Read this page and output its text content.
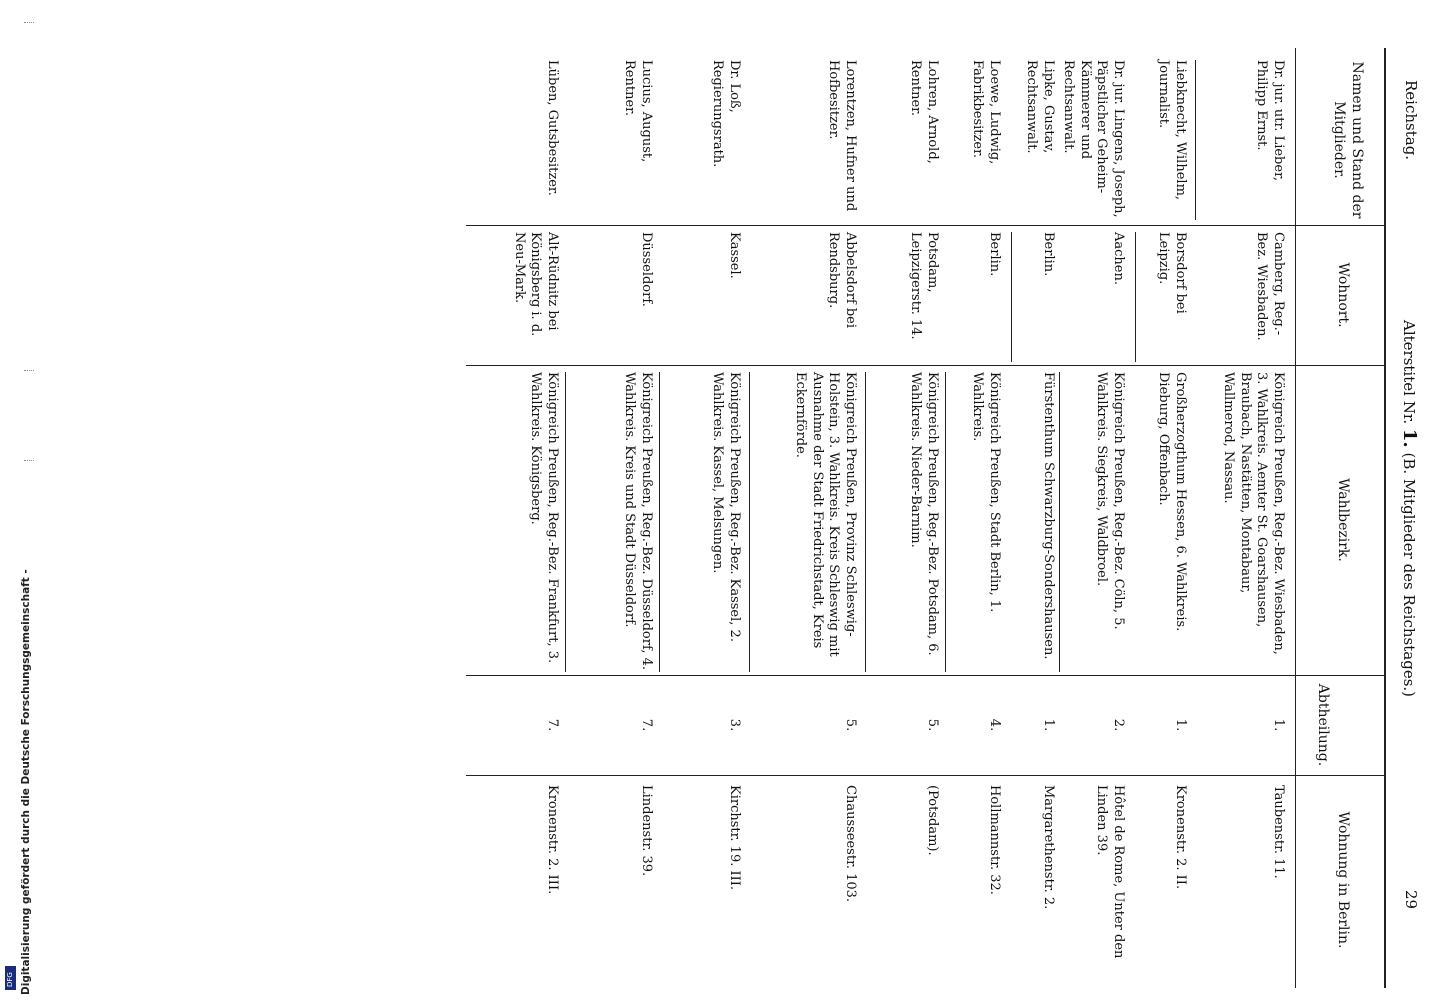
Reichstag.
Alterstitel Nr. 1. (B. Mitglieder des Reichstages.)
29
Namen und Stand der Mitglieder.
Wohnort.
Wahlbezirk.
Abtheilung.
Wohnung in Berlin.
Dr. jur. utr. Lieber, Philipp Ernst.
Camberg, Reg.-Bez. Wiesbaden.
Königreich Preußen, Reg.-Bez. Wiesbaden, 3. Wahlkreis. Aemter St. Goarshausen, Braubach, Nastätten, Montabaur, Wallmerod, Nassau.
1.
Taubenstr. 11.
Liebknecht, Wilhelm, Journalist.
Borsdorf bei Leipzig.
Großherzogthum Hessen, 6. Wahlkreis. Dieburg, Offenbach.
1.
Kronenstr. 2. II.
Dr. jur. Lingens, Joseph, Päpstlicher Geheim-Kämmerer und Rechtsanwalt.
Aachen.
Königreich Preußen, Reg.-Bez. Cöln, 5. Wahlkreis. Siegkreis, Waldbroel.
2.
Hôtel de Rome, Unter den Linden 39.
Lipke, Gustav, Rechtsanwalt.
Berlin.
Fürstenthum Schwarzburg-Sondershausen.
1.
Margarethenstr. 2.
Loewe, Ludwig, Fabrikbesitzer.
Berlin.
Königreich Preußen, Stadt Berlin, 1. Wahlkreis.
4.
Hollmannstr. 32.
Lohren, Arnold, Rentner.
Potsdam, Leipzigerstr. 14.
Königreich Preußen, Reg.-Bez. Potsdam, 6. Wahlkreis. Nieder-Barnim.
5.
(Potsdam).
Lorentzen, Hufner und Hofbesitzer.
Abbelsdorf bei Rendsburg.
Königreich Preußen, Provinz Schleswig-Holstein, 3. Wahlkreis. Kreis Schleswig mit Ausnahme der Stadt Friedrichstadt, Kreis Eckernförde.
5.
Chausseestr. 103.
Dr. Loß, Regierungsrath.
Kassel.
Königreich Preußen, Reg.-Bez. Kassel, 2. Wahlkreis. Kassel, Melsungen.
3.
Kirchstr. 19. III.
Lucius, August, Rentner.
Düsseldorf.
Königreich Preußen, Reg.-Bez. Düsseldorf, 4. Wahlkreis. Kreis und Stadt Düsseldorf.
7.
Lindenstr. 39.
Lüben, Gutsbesitzer.
Alt-Rüdnitz bei Königsberg i. d. Neu-Mark.
Königreich Preußen, Reg.-Bez. Frankfurt, 3. Wahlkreis. Königsberg.
7.
Kronenstr. 2. III.
Digitalisierung gefördert durch die Deutsche Forschungsgemeinschaft -
DFG
